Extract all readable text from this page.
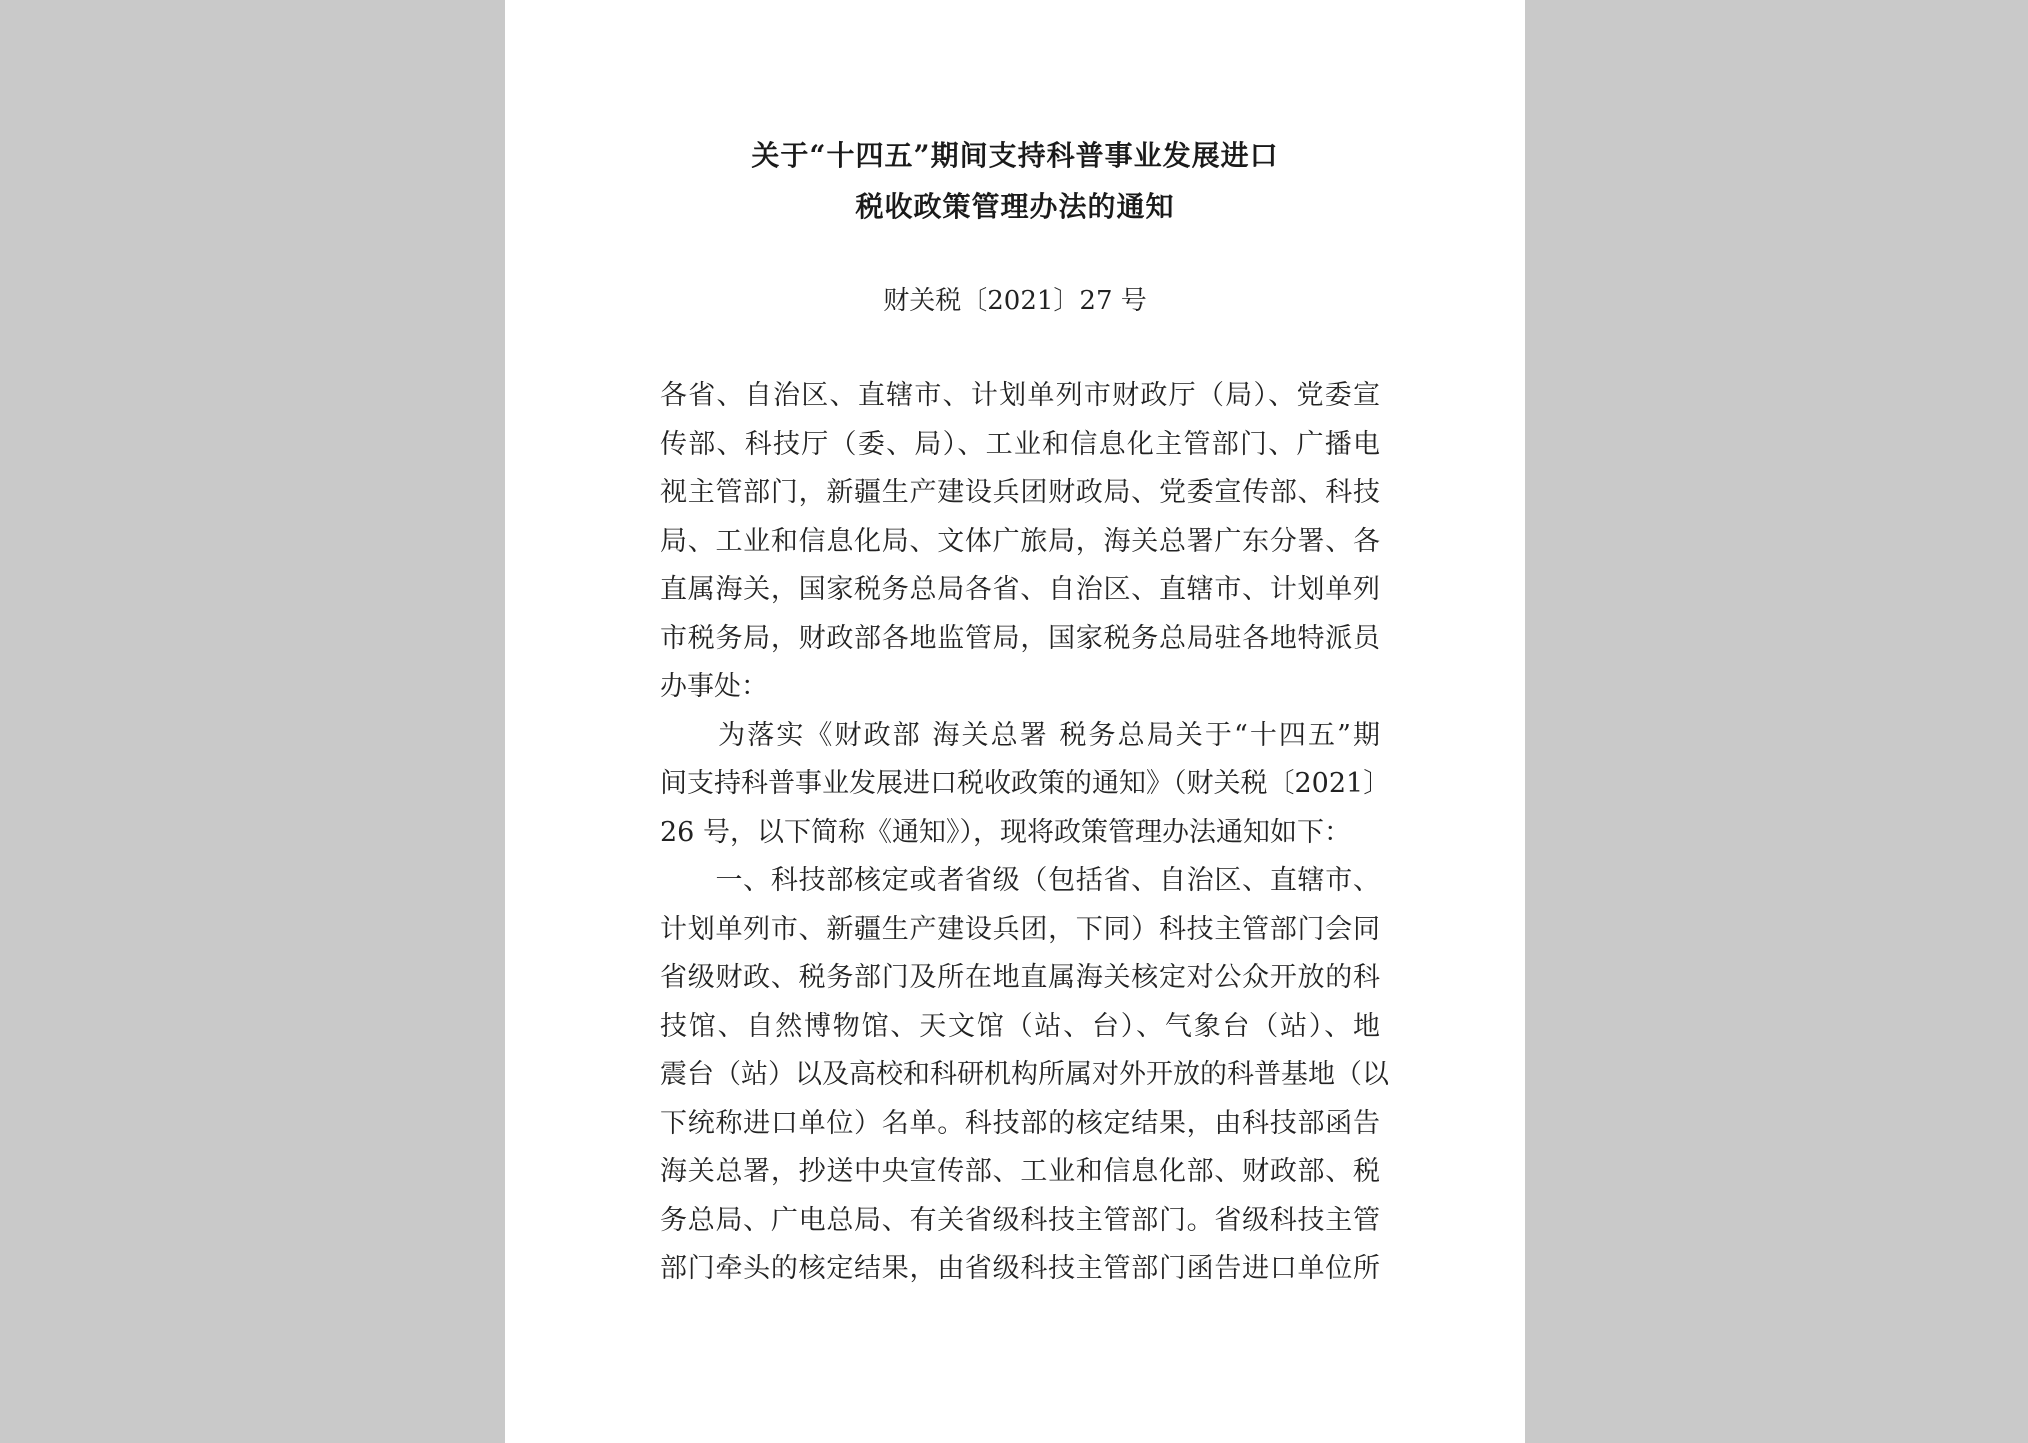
关于“十四五”期间支持科普事业发展进口
税收政策管理办法的通知
财关税〔2021〕27 号
各省、自治区、直辖市、计划单列市财政厅（局）、党委宣
传部、科技厅（委、局）、工业和信息化主管部门、广播电
视主管部门，新疆生产建设兵团财政局、党委宣传部、科技
局、工业和信息化局、文体广旅局，海关总署广东分署、各
直属海关，国家税务总局各省、自治区、直辖市、计划单列
市税务局，财政部各地监管局，国家税务总局驻各地特派员
办事处：
　　为落实《财政部 海关总署 税务总局关于“十四五”期
间支持科普事业发展进口税收政策的通知》（财关税〔2021〕
26 号，以下简称《通知》），现将政策管理办法通知如下：
　　一、科技部核定或者省级（包括省、自治区、直辖市、
计划单列市、新疆生产建设兵团，下同）科技主管部门会同
省级财政、税务部门及所在地直属海关核定对公众开放的科
技馆、自然博物馆、天文馆（站、台）、气象台（站）、地
震台（站）以及高校和科研机构所属对外开放的科普基地（以
下统称进口单位）名单。科技部的核定结果，由科技部函告
海关总署，抄送中央宣传部、工业和信息化部、财政部、税
务总局、广电总局、有关省级科技主管部门。省级科技主管
部门牵头的核定结果，由省级科技主管部门函告进口单位所
